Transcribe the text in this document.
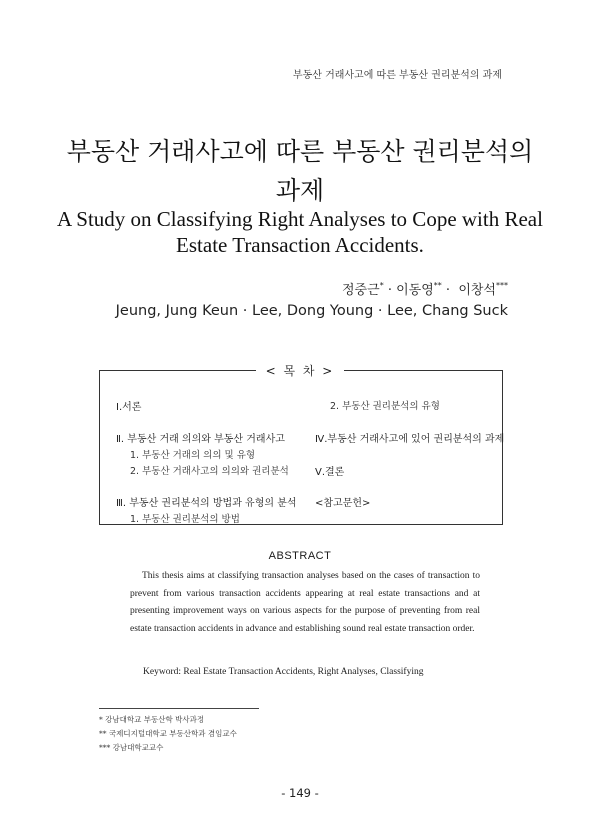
부동산 거래사고에 따른 부동산 권리분석의 과제
부동산 거래사고에 따른 부동산 권리분석의
과제
A Study on Classifying Right Analyses to Cope with Real
Estate Transaction Accidents.
정중근* · 이동영** ·  이창석***
Jeung, Jung Keun · Lee, Dong Young · Lee, Chang Suck
< 목 차 >
Ⅰ.서론
Ⅱ. 부동산 거래 의의와 부동산 거래사고
1. 부동산 거래의 의의 및 유형
2. 부동산 거래사고의 의의와 권리분석
Ⅲ. 부동산 권리분석의 방법과 유형의 분석
1. 부동산 권리분석의 방법
2. 부동산 권리분석의 유형
Ⅳ.부동산 거래사고에 있어 권리분석의 과제
Ⅴ.결론
<참고문헌>
ABSTRACT
This thesis aims at classifying transaction analyses based on the cases of transaction to prevent from various transaction accidents appearing at real estate transactions and at presenting improvement ways on various aspects for the purpose of preventing from real estate transaction accidents in advance and establishing sound real estate transaction order.
Keyword: Real Estate Transaction Accidents, Right Analyses, Classifying
* 강남대학교 부동산학 박사과정
** 국제디지털대학교 부동산학과 겸임교수
*** 강남대학교교수
- 149 -
